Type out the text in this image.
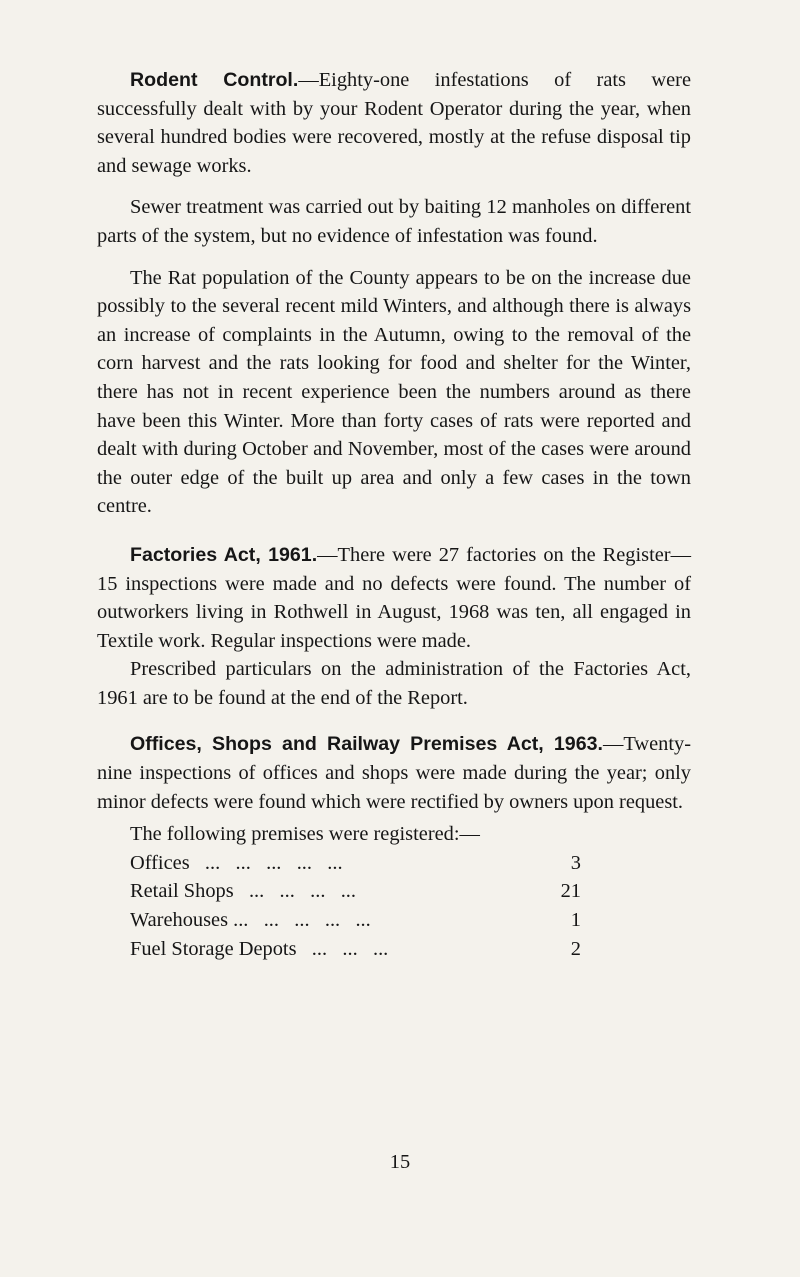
Rodent Control.—Eighty-one infestations of rats were successfully dealt with by your Rodent Operator during the year, when several hundred bodies were recovered, mostly at the refuse disposal tip and sewage works.

Sewer treatment was carried out by baiting 12 manholes on different parts of the system, but no evidence of infestation was found.

The Rat population of the County appears to be on the increase due possibly to the several recent mild Winters, and although there is always an increase of complaints in the Autumn, owing to the removal of the corn harvest and the rats looking for food and shelter for the Winter, there has not in recent experience been the numbers around as there have been this Winter. More than forty cases of rats were reported and dealt with during October and November, most of the cases were around the outer edge of the built up area and only a few cases in the town centre.

Factories Act, 1961.—There were 27 factories on the Register— 15 inspections were made and no defects were found. The number of outworkers living in Rothwell in August, 1968 was ten, all engaged in Textile work. Regular inspections were made.

Prescribed particulars on the administration of the Factories Act, 1961 are to be found at the end of the Report.

Offices, Shops and Railway Premises Act, 1963.—Twenty-nine inspections of offices and shops were made during the year; only minor defects were found which were rectified by owners upon request.

The following premises were registered:—

Offices   ...   ...   ...   ...   ...	3
Retail Shops   ...   ...   ...   ...	21
Warehouses ...   ...   ...   ...   ...	1
Fuel Storage Depots   ...   ...   ...	2
15
